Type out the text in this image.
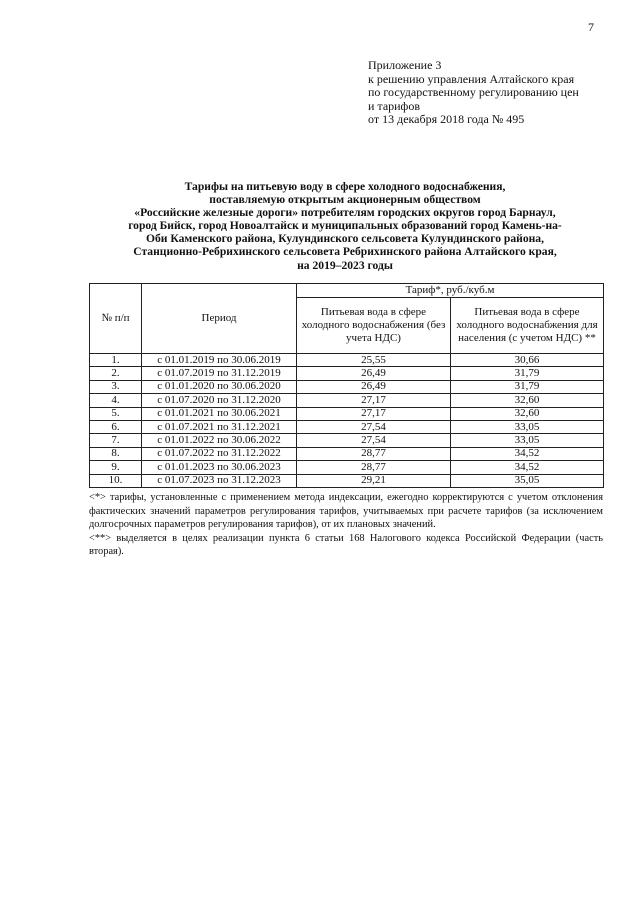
7
Приложение 3
к решению управления Алтайского края
по государственному регулированию цен
и тарифов
от 13 декабря 2018 года № 495
Тарифы на питьевую воду в сфере холодного водоснабжения,
поставляемую открытым акционерным обществом
«Российские железные дороги» потребителям городских округов город Барнаул,
город Бийск, город Новоалтайск и муниципальных образований город Камень-на-
Оби Каменского района, Кулундинского сельсовета Кулундинского района,
Станционно-Ребрихинского сельсовета Ребрихинского района Алтайского края,
на 2019–2023 годы
№ п/п	Период	Тариф*, руб./куб.м	
		Питьевая вода в сфере холодного водоснабжения (без учета НДС)	Питьевая вода в сфере холодного водоснабжения для населения (с учетом НДС) **
1.	с 01.01.2019 по 30.06.2019	25,55	30,66
2.	с 01.07.2019 по 31.12.2019	26,49	31,79
3.	с 01.01.2020 по 30.06.2020	26,49	31,79
4.	с 01.07.2020 по 31.12.2020	27,17	32,60
5.	с 01.01.2021 по 30.06.2021	27,17	32,60
6.	с 01.07.2021 по 31.12.2021	27,54	33,05
7.	с 01.01.2022 по 30.06.2022	27,54	33,05
8.	с 01.07.2022 по 31.12.2022	28,77	34,52
9.	с 01.01.2023 по 30.06.2023	28,77	34,52
10.	с 01.07.2023 по 31.12.2023	29,21	35,05

<*> тарифы, установленные с применением метода индексации, ежегодно корректируются с учетом отклонения фактических значений параметров регулирования тарифов, учитываемых при расчете тарифов (за исключением долгосрочных параметров регулирования тарифов), от их плановых значений.

<**> выделяется в целях реализации пункта 6 статьи 168 Налогового кодекса Российской Федерации (часть вторая).
